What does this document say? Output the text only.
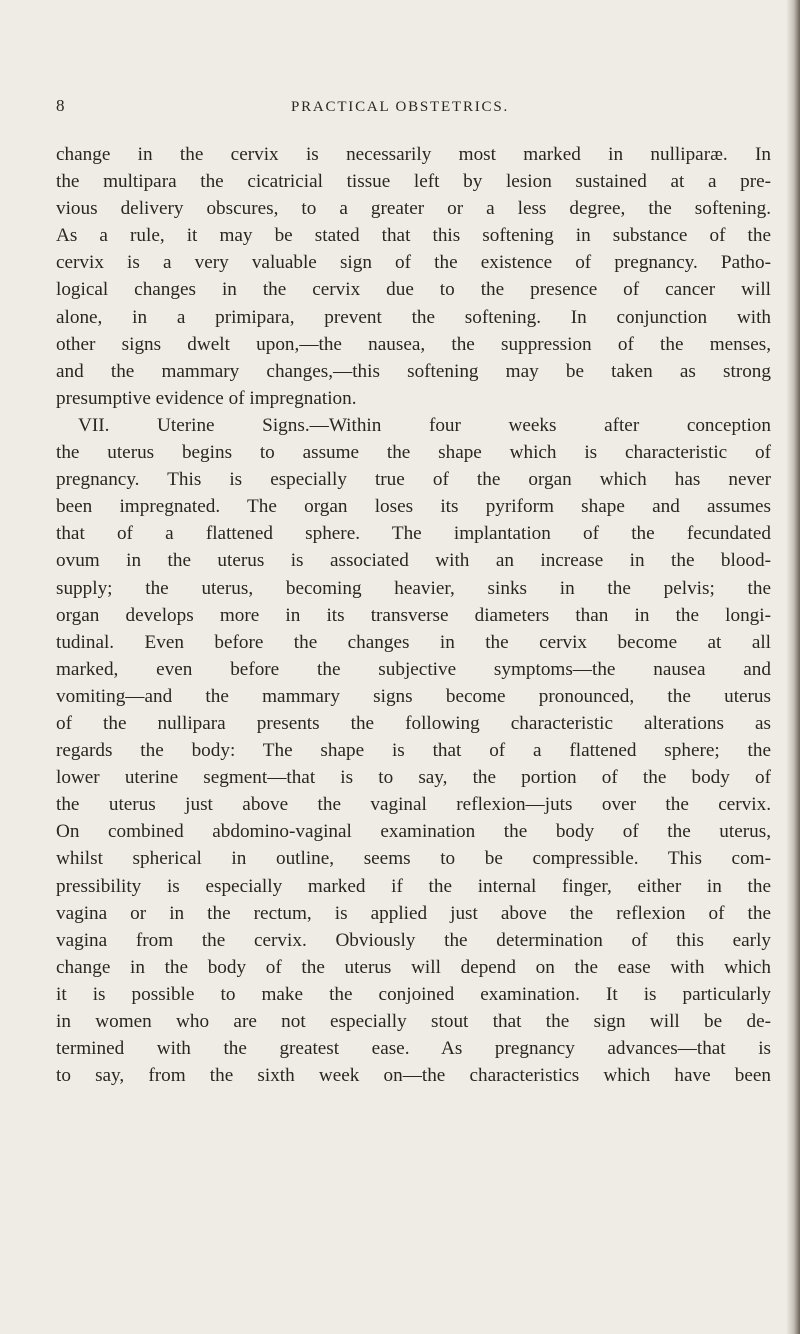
8	PRACTICAL OBSTETRICS.
change in the cervix is necessarily most marked in nulliparæ. In
the multipara the cicatricial tissue left by lesion sustained at a pre-
vious delivery obscures, to a greater or a less degree, the softening.
As a rule, it may be stated that this softening in substance of the
cervix is a very valuable sign of the existence of pregnancy. Patho-
logical changes in the cervix due to the presence of cancer will
alone, in a primipara, prevent the softening. In conjunction with
other signs dwelt upon,—the nausea, the suppression of the menses,
and the mammary changes,—this softening may be taken as strong
presumptive evidence of impregnation.
VII. Uterine Signs.—Within four weeks after conception
the uterus begins to assume the shape which is characteristic of
pregnancy. This is especially true of the organ which has never
been impregnated. The organ loses its pyriform shape and assumes
that of a flattened sphere. The implantation of the fecundated
ovum in the uterus is associated with an increase in the blood-
supply; the uterus, becoming heavier, sinks in the pelvis; the
organ develops more in its transverse diameters than in the longi-
tudinal. Even before the changes in the cervix become at all
marked, even before the subjective symptoms—the nausea and
vomiting—and the mammary signs become pronounced, the uterus
of the nullipara presents the following characteristic alterations as
regards the body: The shape is that of a flattened sphere; the
lower uterine segment—that is to say, the portion of the body of
the uterus just above the vaginal reflexion—juts over the cervix.
On combined abdomino-vaginal examination the body of the uterus,
whilst spherical in outline, seems to be compressible. This com-
pressibility is especially marked if the internal finger, either in the
vagina or in the rectum, is applied just above the reflexion of the
vagina from the cervix. Obviously the determination of this early
change in the body of the uterus will depend on the ease with which
it is possible to make the conjoined examination. It is particularly
in women who are not especially stout that the sign will be de-
termined with the greatest ease. As pregnancy advances—that is
to say, from the sixth week on—the characteristics which have been
